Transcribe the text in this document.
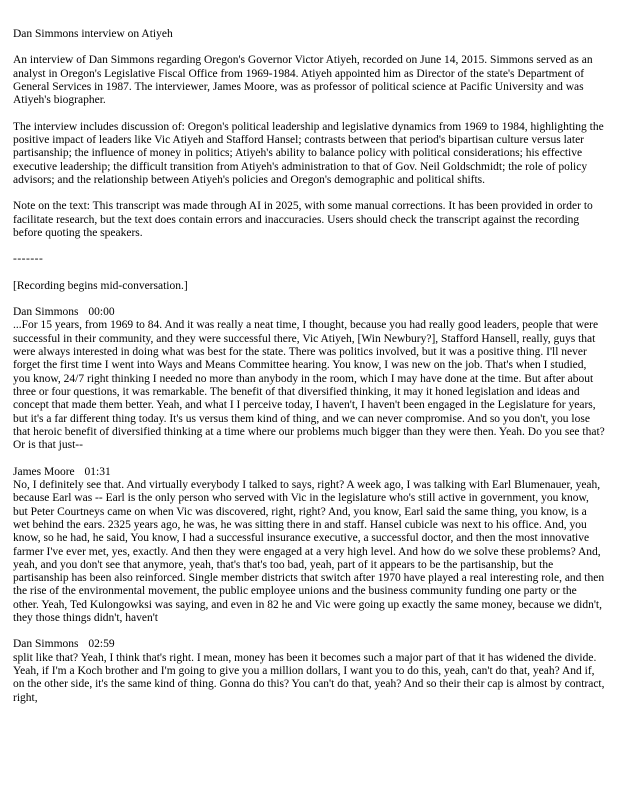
Dan Simmons interview on Atiyeh
An interview of Dan Simmons regarding Oregon's Governor Victor Atiyeh, recorded on June 14, 2015. Simmons served as an analyst in Oregon's Legislative Fiscal Office from 1969-1984. Atiyeh appointed him as Director of the state's Department of General Services in 1987. The interviewer, James Moore, was as professor of political science at Pacific University and was Atiyeh's biographer.
The interview includes discussion of: Oregon's political leadership and legislative dynamics from 1969 to 1984, highlighting the positive impact of leaders like Vic Atiyeh and Stafford Hansel; contrasts between that period's bipartisan culture versus later partisanship; the influence of money in politics; Atiyeh's ability to balance policy with political considerations; his effective executive leadership; the difficult transition from Atiyeh's administration to that of Gov. Neil Goldschmidt; the role of policy advisors; and the relationship between Atiyeh's policies and Oregon's demographic and political shifts.
Note on the text: This transcript was made through AI in 2025, with some manual corrections. It has been provided in order to facilitate research, but the text does contain errors and inaccuracies. Users should check the transcript against the recording before quoting the speakers.
-------
[Recording begins mid-conversation.]
Dan Simmons 00:00
...For 15 years, from 1969 to 84. And it was really a neat time, I thought, because you had really good leaders, people that were successful in their community, and they were successful there, Vic Atiyeh, [Win Newbury?], Stafford Hansell, really, guys that were always interested in doing what was best for the state. There was politics involved, but it was a positive thing. I'll never forget the first time I went into Ways and Means Committee hearing. You know, I was new on the job. That's when I studied, you know, 24/7 right thinking I needed no more than anybody in the room, which I may have done at the time. But after about three or four questions, it was remarkable. The benefit of that diversified thinking, it may it honed legislation and ideas and concept that made them better. Yeah, and what I I perceive today, I haven't, I haven't been engaged in the Legislature for years, but it's a far different thing today. It's us versus them kind of thing, and we can never compromise. And so you don't, you lose that heroic benefit of diversified thinking at a time where our problems much bigger than they were then. Yeah. Do you see that? Or is that just--
James Moore 01:31
No, I definitely see that. And virtually everybody I talked to says, right? A week ago, I was talking with Earl Blumenauer, yeah, because Earl was -- Earl is the only person who served with Vic in the legislature who's still active in government, you know, but Peter Courtneys came on when Vic was discovered, right, right? And, you know, Earl said the same thing, you know, is a wet behind the ears. 2325 years ago, he was, he was sitting there in and staff. Hansel cubicle was next to his office. And, you know, so he had, he said, You know, I had a successful insurance executive, a successful doctor, and then the most innovative farmer I've ever met, yes, exactly. And then they were engaged at a very high level. And how do we solve these problems? And, yeah, and you don't see that anymore, yeah, that's that's too bad, yeah, part of it appears to be the partisanship, but the partisanship has been also reinforced. Single member districts that switch after 1970 have played a real interesting role, and then the rise of the environmental movement, the public employee unions and the business community funding one party or the other. Yeah, Ted Kulongowksi was saying, and even in 82 he and Vic were going up exactly the same money, because we didn't, they those things didn't, haven't
Dan Simmons 02:59
split like that? Yeah, I think that's right. I mean, money has been it becomes such a major part of that it has widened the divide. Yeah, if I'm a Koch brother and I'm going to give you a million dollars, I want you to do this, yeah, can't do that, yeah? And if, on the other side, it's the same kind of thing. Gonna do this? You can't do that, yeah? And so their their cap is almost by contract, right,
